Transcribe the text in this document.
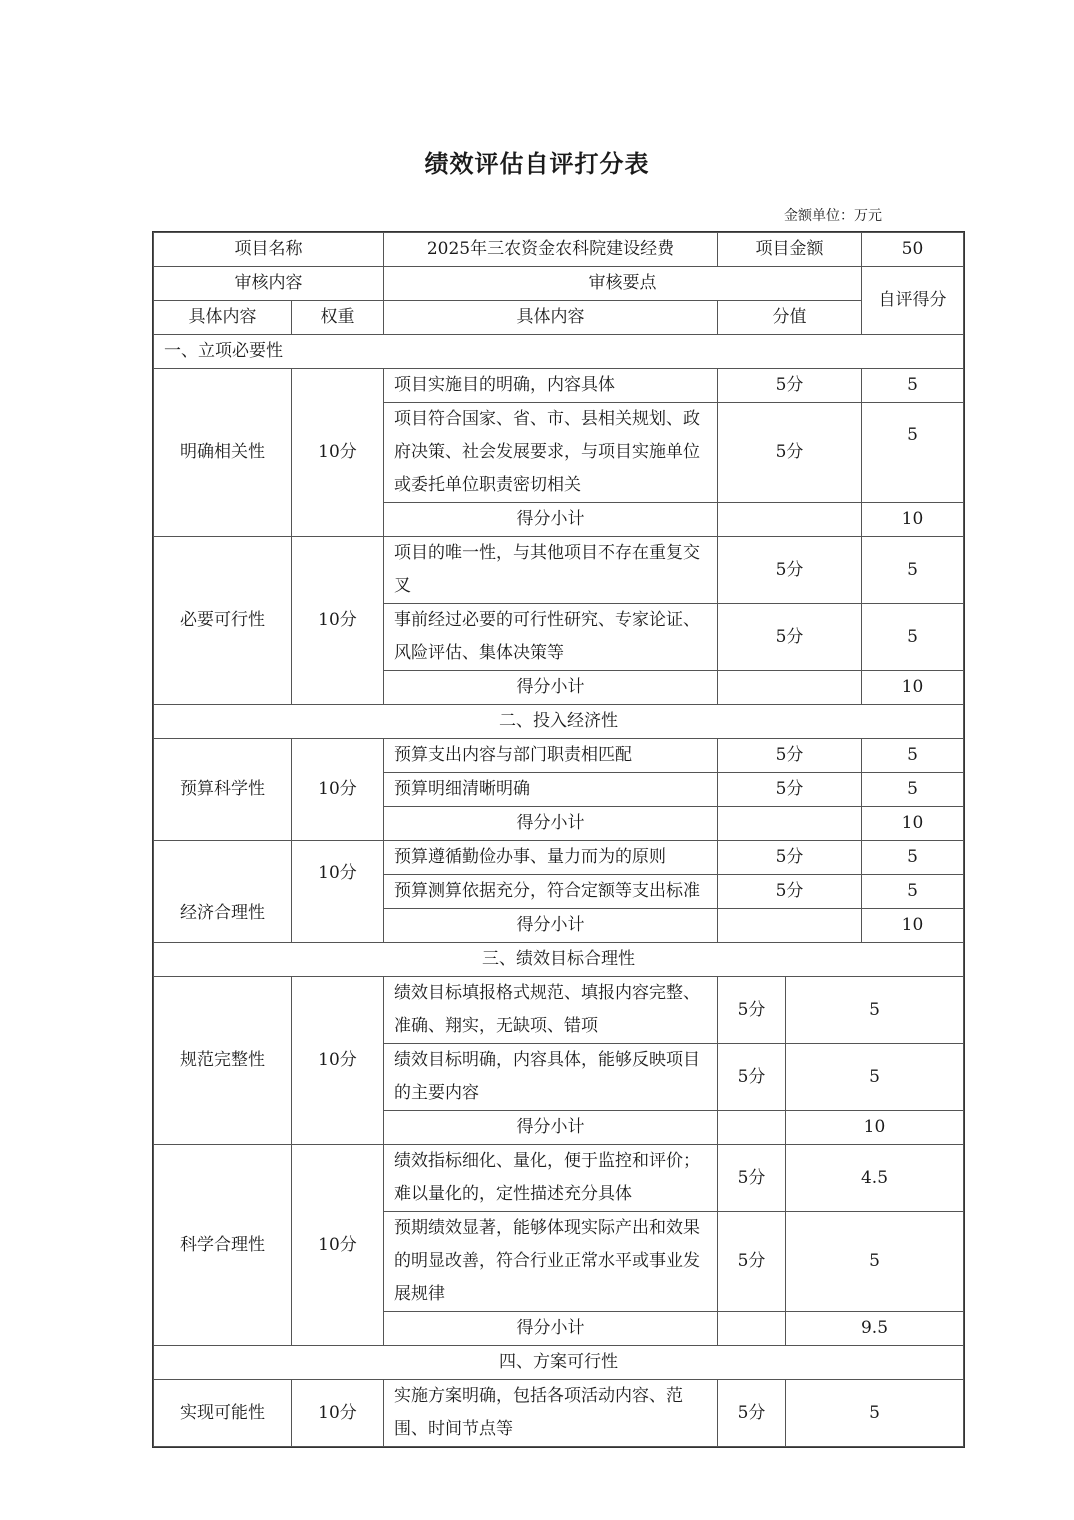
绩效评估自评打分表
金额单位：万元
项目名称		2025年三农资金农科院建设经费	项目金额		50
审核内容		审核要点			自评得分
具体内容	权重	具体内容	分值		
一、立项必要性					
明确相关性	10分	项目实施目的明确，内容具体	5分		5
		项目符合国家、省、市、县相关规划、政府决策、社会发展要求，与项目实施单位或委托单位职责密切相关	5分		5
		得分小计			10
必要可行性	10分	项目的唯一性，与其他项目不存在重复交叉	5分		5
		事前经过必要的可行性研究、专家论证、风险评估、集体决策等	5分		5
		得分小计			10
二、投入经济性					
预算科学性	10分	预算支出内容与部门职责相匹配	5分		5
		预算明细清晰明确	5分		5
		得分小计			10
经济合理性	10分	预算遵循勤俭办事、量力而为的原则	5分		5
		预算测算依据充分，符合定额等支出标准	5分		5
		得分小计			10
三、绩效目标合理性					
规范完整性	10分	绩效目标填报格式规范、填报内容完整、准确、翔实，无缺项、错项	5分	5	
		绩效目标明确，内容具体，能够反映项目的主要内容	5分	5	
		得分小计		10	
科学合理性	10分	绩效指标细化、量化，便于监控和评价；难以量化的，定性描述充分具体	5分	4.5	
		预期绩效显著，能够体现实际产出和效果的明显改善，符合行业正常水平或事业发展规律	5分	5	
		得分小计		9.5	
四、方案可行性					
实现可能性	10分	实施方案明确，包括各项活动内容、范围、时间节点等	5分	5	
